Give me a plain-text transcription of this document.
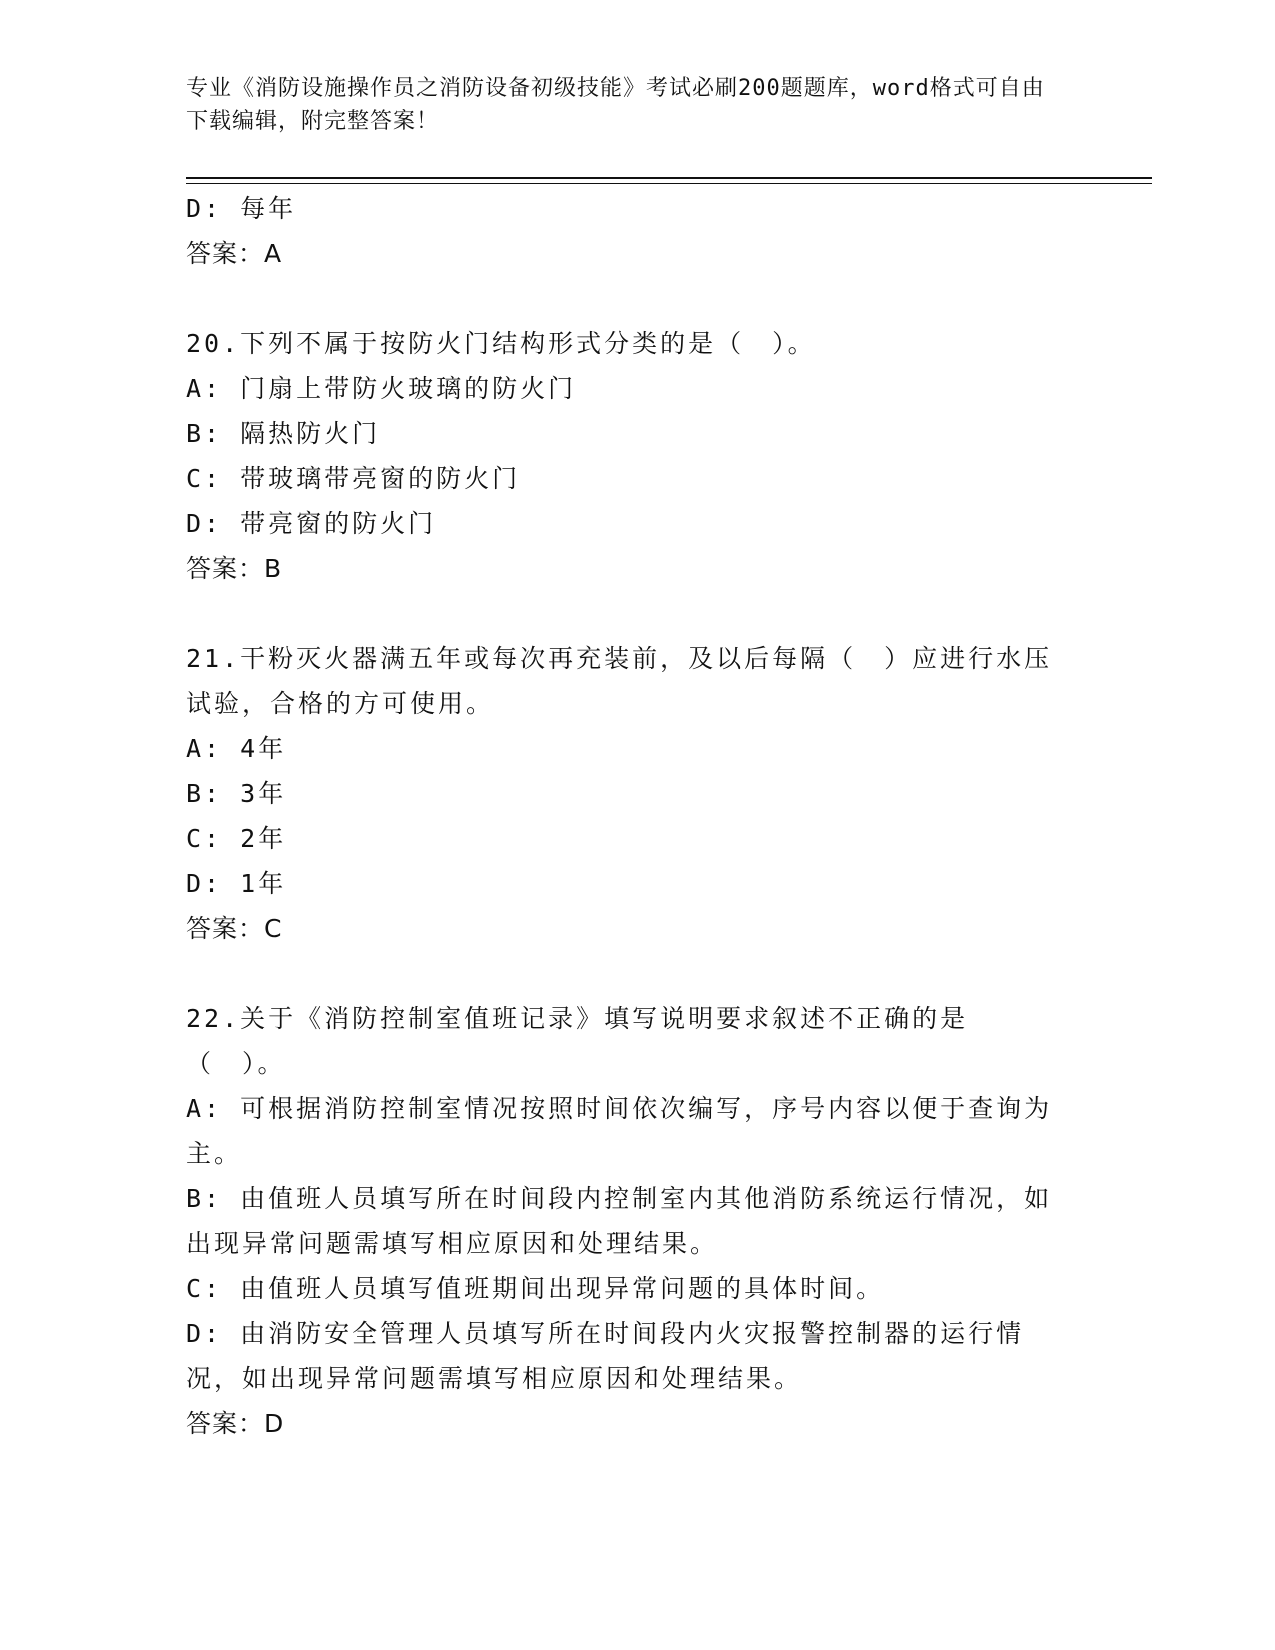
专业《消防设施操作员之消防设备初级技能》考试必刷200题题库，word格式可自由下载编辑，附完整答案！
D: 每年
答案：A
20.下列不属于按防火门结构形式分类的是（　）。
A: 门扇上带防火玻璃的防火门
B: 隔热防火门
C: 带玻璃带亮窗的防火门
D: 带亮窗的防火门
答案：B
21.干粉灭火器满五年或每次再充装前，及以后每隔（　）应进行水压试验，合格的方可使用。
A: 4年
B: 3年
C: 2年
D: 1年
答案：C
22.关于《消防控制室值班记录》填写说明要求叙述不正确的是（　）。
A: 可根据消防控制室情况按照时间依次编写，序号内容以便于查询为主。
B: 由值班人员填写所在时间段内控制室内其他消防系统运行情况，如出现异常问题需填写相应原因和处理结果。
C: 由值班人员填写值班期间出现异常问题的具体时间。
D: 由消防安全管理人员填写所在时间段内火灾报警控制器的运行情况，如出现异常问题需填写相应原因和处理结果。
答案：D
